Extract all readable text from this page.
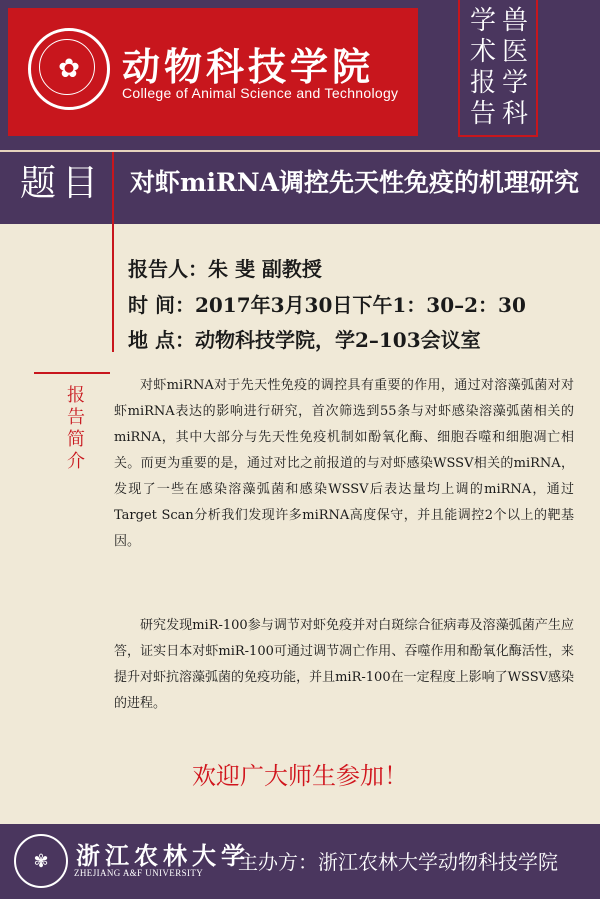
✿	动物科技学院
College of Animal Science and Technology
学
术
报
告
兽
医
学
科
题目 对虾miRNA调控先天性免疫的机理研究
报告人：朱 斐 副教授
时 间：2017年3月30日下午1：30–2：30
地 点：动物科技学院，学2–103会议室
报
告
简
介

对虾miRNA对于先天性免疫的调控具有重要的作用，通过对溶藻弧菌对对虾miRNA表达的影响进行研究，首次筛选到55条与对虾感染溶藻弧菌相关的miRNA，其中大部分与先天性免疫机制如酚氧化酶、细胞吞噬和细胞凋亡相关。而更为重要的是，通过对比之前报道的与对虾感染WSSV相关的miRNA，发现了一些在感染溶藻弧菌和感染WSSV后表达量均上调的miRNA，通过Target Scan分析我们发现许多miRNA高度保守，并且能调控2个以上的靶基因。

研究发现miR-100参与调节对虾免疫并对白斑综合征病毒及溶藻弧菌产生应答，证实日本对虾miR-100可通过调节凋亡作用、吞噬作用和酚氧化酶活性，来提升对虾抗溶藻弧菌的免疫功能，并且miR-100在一定程度上影响了WSSV感染的进程。

欢迎广大师生参加！
✾	浙江农林大学
ZHEJIANG A&F UNIVERSITY 主办方：浙江农林大学动物科技学院
